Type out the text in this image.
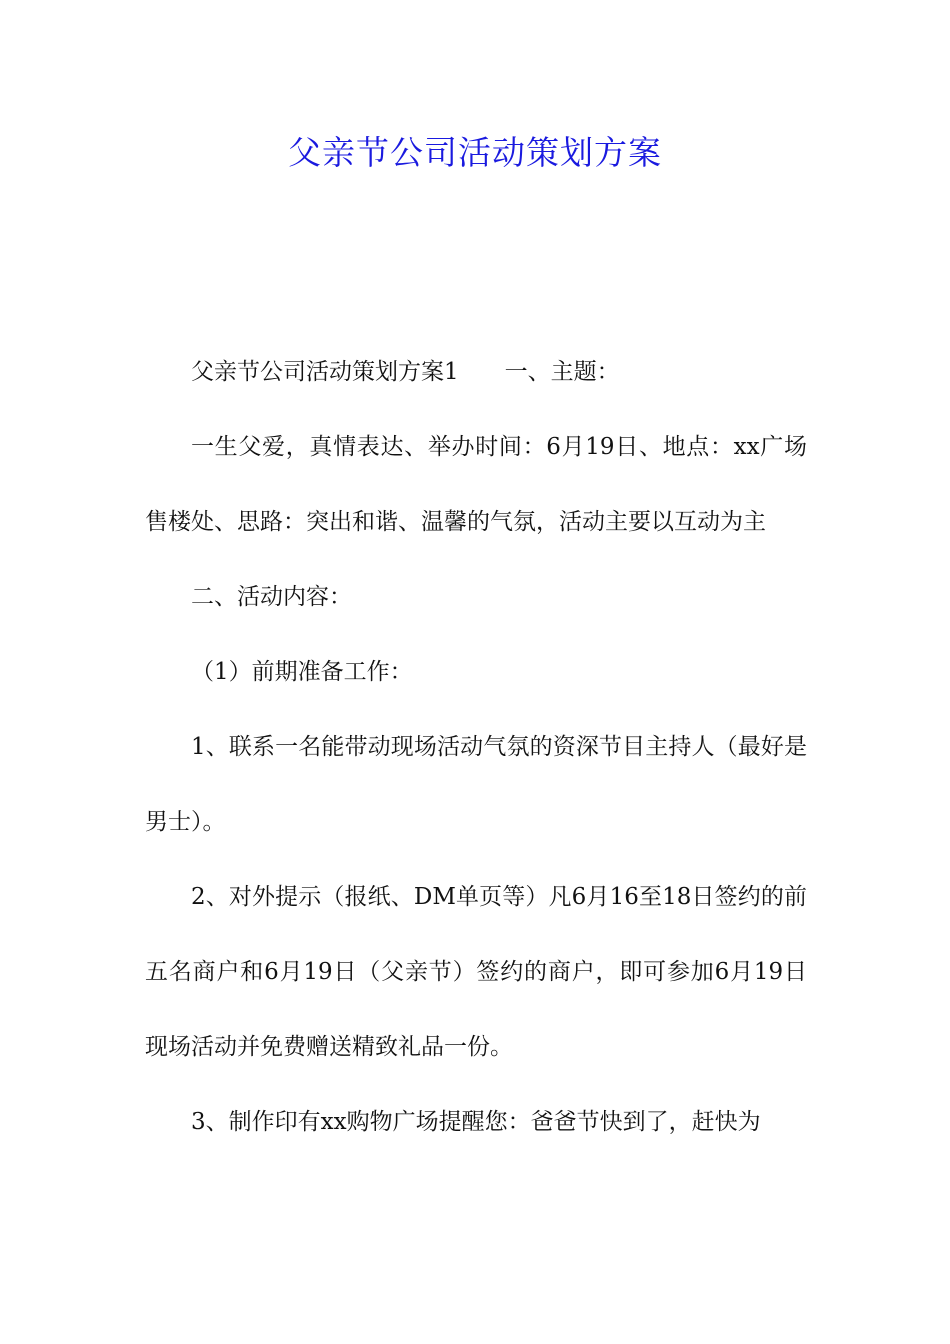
父亲节公司活动策划方案

父亲节公司活动策划方案1 一、主题：

一生父爱，真情表达、举办时间：6月19日、地点：xx广场售楼处、思路：突出和谐、温馨的气氛，活动主要以互动为主

二、活动内容：

（1）前期准备工作：

1、联系一名能带动现场活动气氛的资深节目主持人（最好是男士）。

2、对外提示（报纸、DM单页等）凡6月16至18日签约的前五名商户和6月19日（父亲节）签约的商户，即可参加6月19日现场活动并免费赠送精致礼品一份。

3、制作印有xx购物广场提醒您：爸爸节快到了，赶快为
